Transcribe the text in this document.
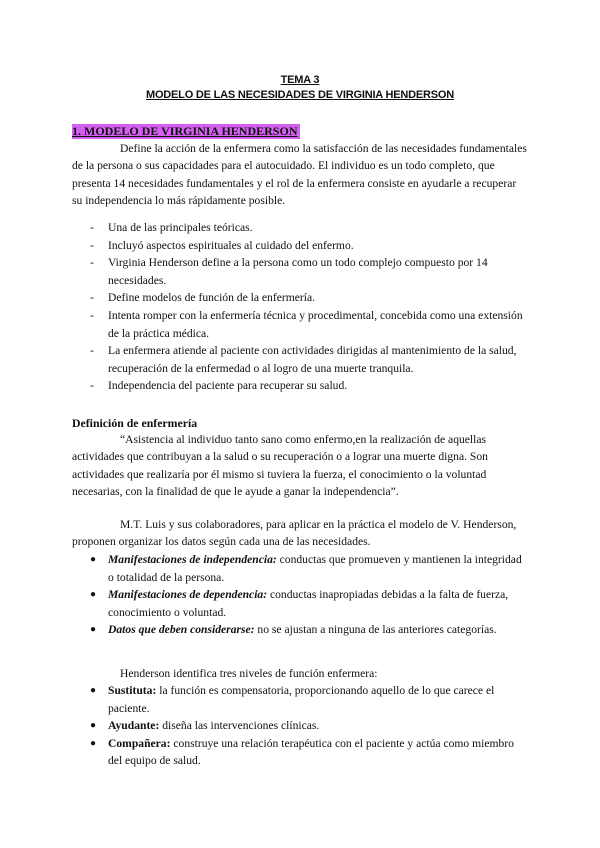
TEMA 3
MODELO DE LAS NECESIDADES DE VIRGINIA HENDERSON
1. MODELO DE VIRGINIA HENDERSON

Define la acción de la enfermera como la satisfacción de las necesidades fundamentales de la persona o sus capacidades para el autocuidado. El individuo es un todo completo, que presenta 14 necesidades fundamentales y el rol de la enfermera consiste en ayudarle a recuperar su independencia lo más rápidamente posible.

- Una de las principales teóricas.
- Incluyó aspectos espirituales al cuidado del enfermo.
- Virginia Henderson define a la persona como un todo complejo compuesto por 14 necesidades.
- Define modelos de función de la enfermería.
- Intenta romper con la enfermería técnica y procedimental, concebida como una extensión de la práctica médica.
- La enfermera atiende al paciente con actividades dirigidas al mantenimiento de la salud, recuperación de la enfermedad o al logro de una muerte tranquila.
- Independencia del paciente para recuperar su salud.
Definición de enfermería

“Asistencia al individuo tanto sano como enfermo,en la realización de aquellas actividades que contribuyan a la salud o su recuperación o a lograr una muerte digna. Son actividades que realizaría por él mismo si tuviera la fuerza, el conocimiento o la voluntad necesarias, con la finalidad de que le ayude a ganar la independencia”.

M.T. Luis y sus colaboradores, para aplicar en la práctica el modelo de V. Henderson, proponen organizar los datos según cada una de las necesidades.

● Manifestaciones de independencia: conductas que promueven y mantienen la integridad o totalidad de la persona.
● Manifestaciones de dependencia: conductas inapropiadas debidas a la falta de fuerza, conocimiento o voluntad.
● Datos que deben considerarse: no se ajustan a ninguna de las anteriores categorías.

Henderson identifica tres niveles de función enfermera:

● Sustituta: la función es compensatoria, proporcionando aquello de lo que carece el paciente.
● Ayudante: diseña las intervenciones clínicas.
● Compañera: construye una relación terapéutica con el paciente y actúa como miembro del equipo de salud.
